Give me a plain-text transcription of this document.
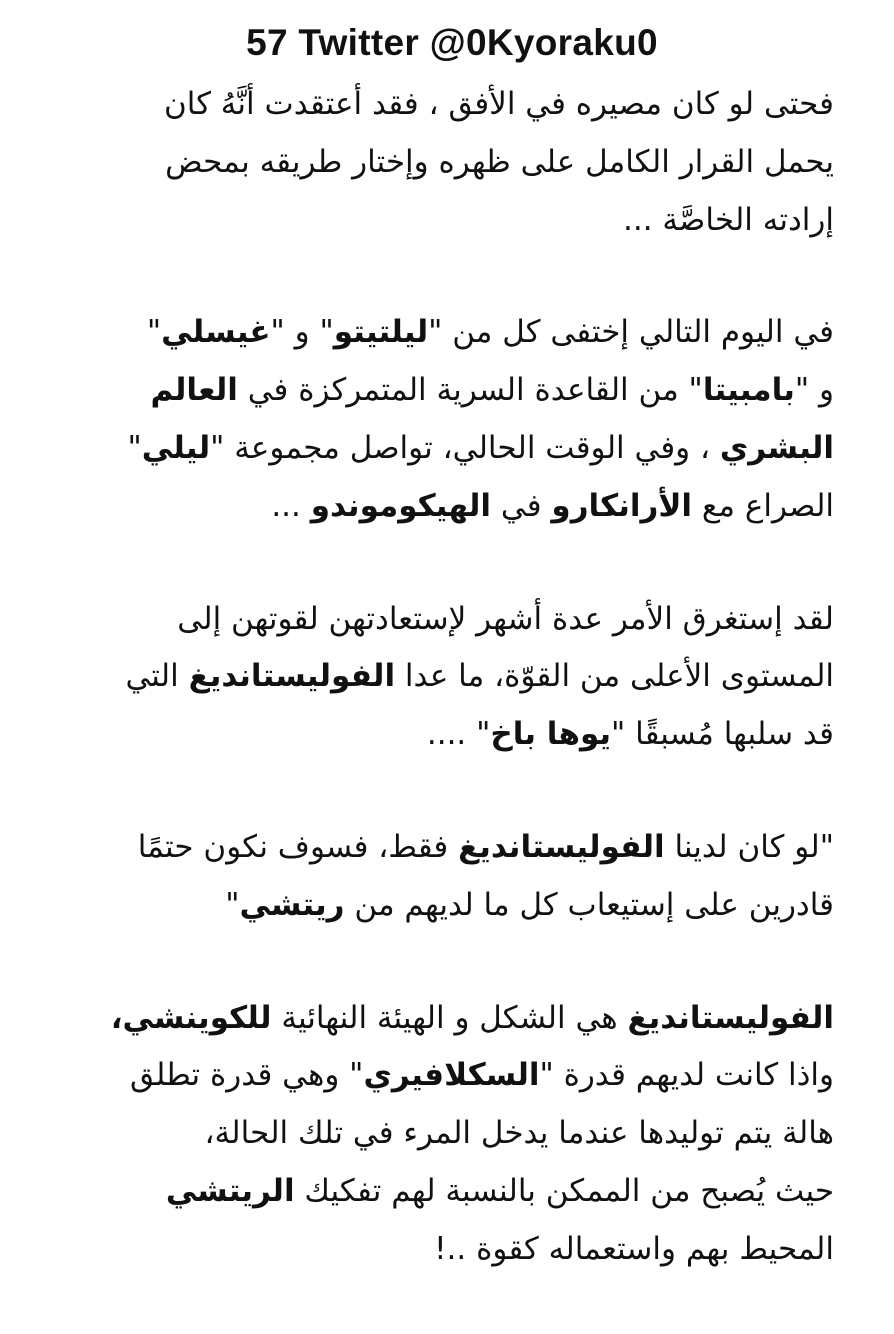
57 Twitter @0Kyoraku0
فحتى لو كان مصيره في الأفق ، فقد أعتقدت أنَّهُ كان
يحمل القرار الكامل على ظهره وإختار طريقه بمحض
إرادته الخاصَّة ...
في اليوم التالي إختفى كل من "ليلتيتو" و "غيسلي"
و "بامبيتا" من القاعدة السرية المتمركزة في العالم
البشري ، وفي الوقت الحالي، تواصل مجموعة "ليلي"
الصراع مع الأرانكارو في الهيكوموندو ...
لقد إستغرق الأمر عدة أشهر لإستعادتهن لقوتهن إلى
المستوى الأعلى من القوّة، ما عدا الفوليستانديغ التي
قد سلبها مُسبقًا "يوها باخ" ....
"لو كان لدينا الفوليستانديغ فقط، فسوف نكون حتمًا
قادرين على إستيعاب كل ما لديهم من ريتشي"
الفوليستانديغ هي الشكل و الهيئة النهائية للكوينشي،
واذا كانت لديهم قدرة "السكلافيري" وهي قدرة تطلق
هالة يتم توليدها عندما يدخل المرء في تلك الحالة،
حيث يُصبح من الممكن بالنسبة لهم تفكيك الريتشي
المحيط بهم واستعماله كقوة ..!
